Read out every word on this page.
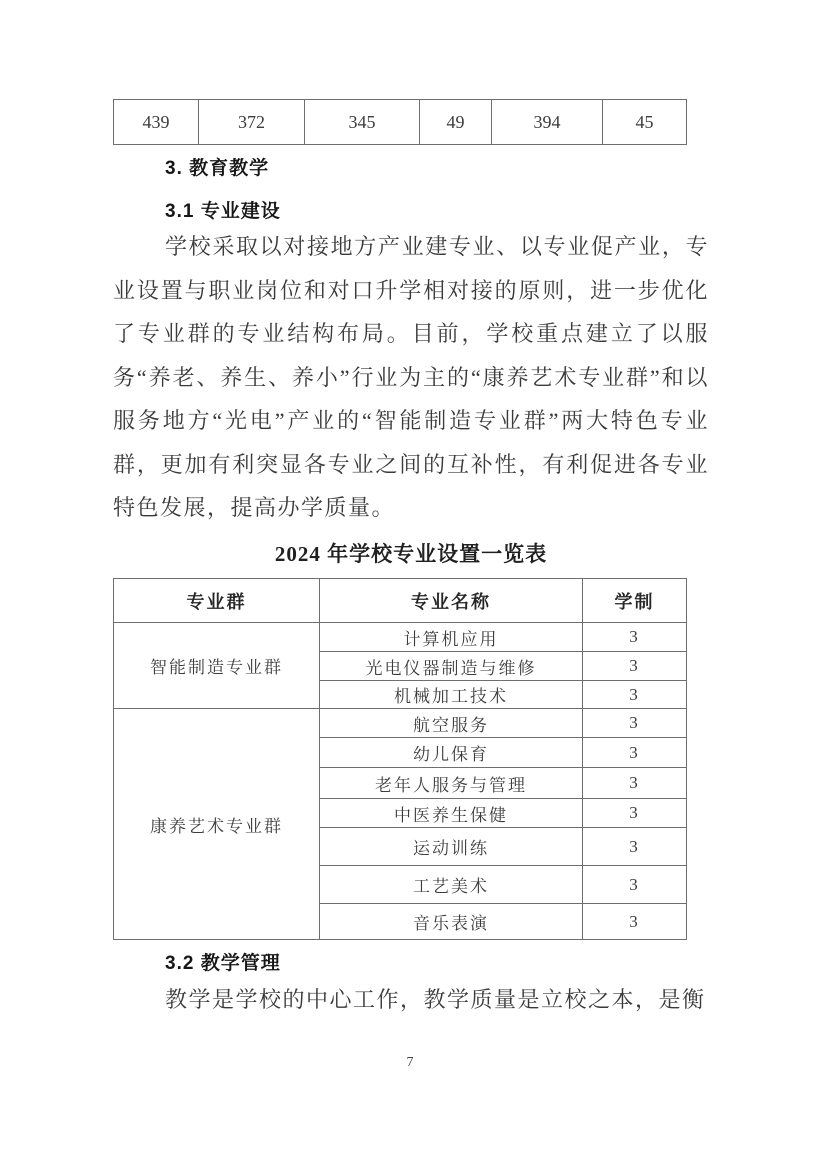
439	372	345	49	394	45
3. 教育教学
3.1 专业建设
学校采取以对接地方产业建专业、以专业促产业，专业设置与职业岗位和对口升学相对接的原则，进一步优化了专业群的专业结构布局。目前，学校重点建立了以服务“养老、养生、养小”行业为主的“康养艺术专业群”和以服务地方“光电”产业的“智能制造专业群”两大特色专业群，更加有利突显各专业之间的互补性，有利促进各专业特色发展，提高办学质量。
2024 年学校专业设置一览表
专业群	专业名称	学制
智能制造专业群	计算机应用	3
	光电仪器制造与维修	3
	机械加工技术	3
康养艺术专业群	航空服务	3
	幼儿保育	3
	老年人服务与管理	3
	中医养生保健	3
	运动训练	3
	工艺美术	3
	音乐表演	3
3.2 教学管理
教学是学校的中心工作，教学质量是立校之本，是衡
7
